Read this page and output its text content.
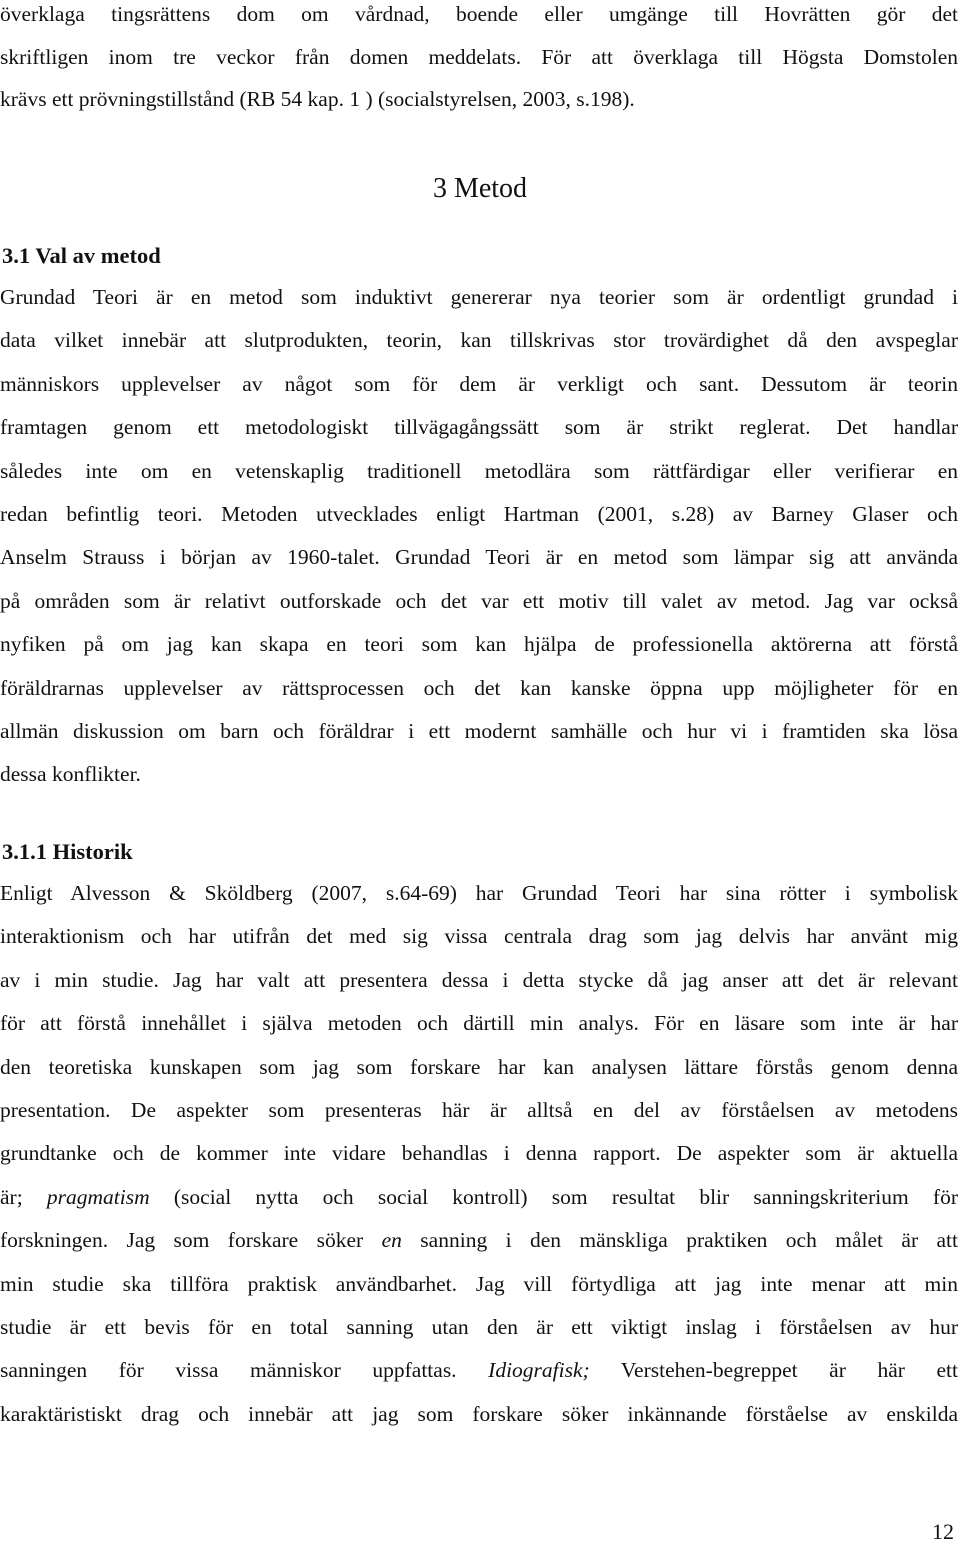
överklaga tingsrättens dom om vårdnad, boende eller umgänge till Hovrätten gör det
skriftligen inom tre veckor från domen meddelats. För att överklaga till Högsta Domstolen
krävs ett prövningstillstånd (RB 54 kap. 1 ) (socialstyrelsen, 2003, s.198).
3 Metod
3.1 Val av metod
Grundad Teori är en metod som induktivt genererar nya teorier som är ordentligt grundad i
data vilket innebär att slutprodukten, teorin, kan tillskrivas stor trovärdighet då den avspeglar
människors upplevelser av något som för dem är verkligt och sant. Dessutom är teorin
framtagen genom ett metodologiskt tillvägagångssätt som är strikt reglerat. Det handlar
således inte om en vetenskaplig traditionell metodlära som rättfärdigar eller verifierar en
redan befintlig teori. Metoden utvecklades enligt Hartman (2001, s.28) av Barney Glaser och
Anselm Strauss i början av 1960-talet. Grundad Teori är en metod som lämpar sig att använda
på områden som är relativt outforskade och det var ett motiv till valet av metod. Jag var också
nyfiken på om jag kan skapa en teori som kan hjälpa de professionella aktörerna att förstå
föräldrarnas upplevelser av rättsprocessen och det kan kanske öppna upp möjligheter för en
allmän diskussion om barn och föräldrar i ett modernt samhälle och hur vi i framtiden ska lösa
dessa konflikter.
3.1.1 Historik
Enligt Alvesson & Sköldberg (2007, s.64-69) har Grundad Teori har sina rötter i symbolisk
interaktionism och har utifrån det med sig vissa centrala drag som jag delvis har använt mig
av i min studie. Jag har valt att presentera dessa i detta stycke då jag anser att det är relevant
för att förstå innehållet i själva metoden och därtill min analys. För en läsare som inte är har
den teoretiska kunskapen som jag som forskare har kan analysen lättare förstås genom denna
presentation. De aspekter som presenteras här är alltså en del av förståelsen av metodens
grundtanke och de kommer inte vidare behandlas i denna rapport. De aspekter som är aktuella
är; pragmatism (social nytta och social kontroll) som resultat blir sanningskriterium för
forskningen. Jag som forskare söker en sanning i den mänskliga praktiken och målet är att
min studie ska tillföra praktisk användbarhet. Jag vill förtydliga att jag inte menar att min
studie är ett bevis för en total sanning utan den är ett viktigt inslag i förståelsen av hur
sanningen för vissa människor uppfattas. Idiografisk; Verstehen-begreppet är här ett
karaktäristiskt drag och innebär att jag som forskare söker inkännande förståelse av enskilda
12
